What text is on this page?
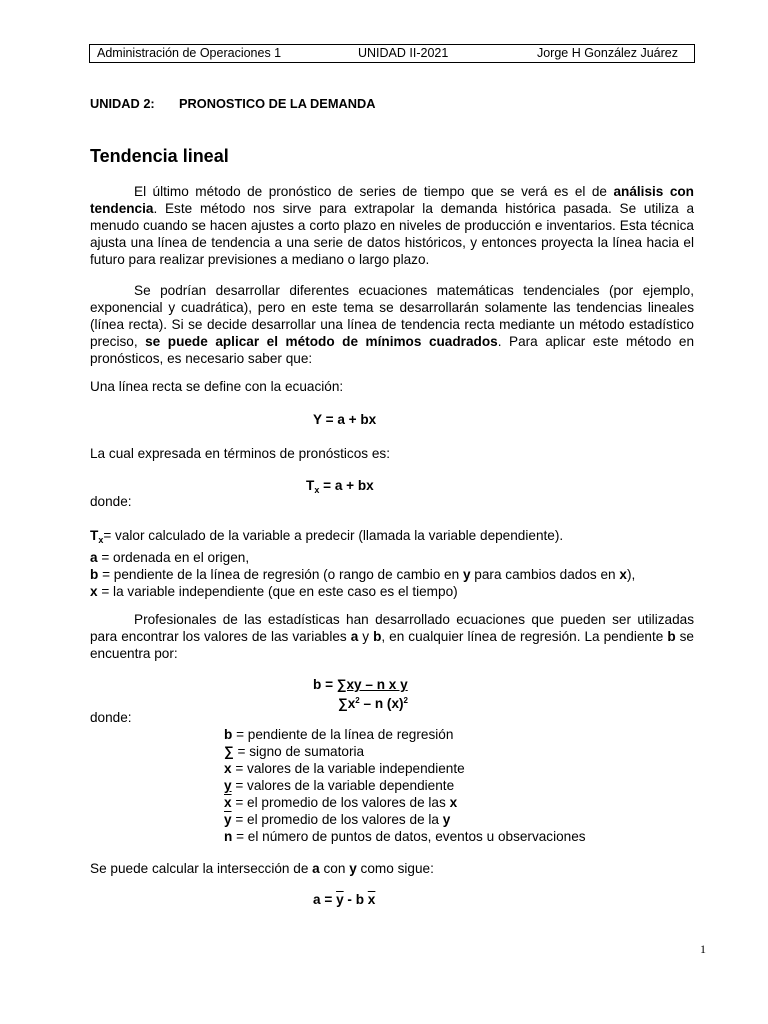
Administración de Operaciones 1	UNIDAD II-2021	Jorge H González Juárez
UNIDAD 2: PRONOSTICO DE LA DEMANDA
Tendencia lineal

El último método de pronóstico de series de tiempo que se verá es el de análisis con tendencia. Este método nos sirve para extrapolar la demanda histórica pasada. Se utiliza a menudo cuando se hacen ajustes a corto plazo en niveles de producción e inventarios. Esta técnica ajusta una línea de tendencia a una serie de datos históricos, y entonces proyecta la línea hacia el futuro para realizar previsiones a mediano o largo plazo.

Se podrían desarrollar diferentes ecuaciones matemáticas tendenciales (por ejemplo, exponencial y cuadrática), pero en este tema se desarrollarán solamente las tendencias lineales (línea recta). Si se decide desarrollar una línea de tendencia recta mediante un método estadístico preciso, se puede aplicar el método de mínimos cuadrados. Para aplicar este método en pronósticos, es necesario saber que:

Una línea recta se define con la ecuación:

Y = a + bx

La cual expresada en términos de pronósticos es:

$T_x = a$ + bx
donde:
$T_x=$ valor calculado de la variable a predecir (llamada la variable dependiente).
a = ordenada en el origen,
b = pendiente de la línea de regresión (o rango de cambio en y para cambios dados en x),
x = la variable independiente (que en este caso es el tiempo)

Profesionales de las estadísticas han desarrollado ecuaciones que pueden ser utilizadas para encontrar los valores de las variables a y b, en cualquier línea de regresión. La pendiente b se encuentra por:

b = ∑xy – n x y
$\sum x^2$ – n $(x)^2$
donde:
b = pendiente de la línea de regresión
∑ = signo de sumatoria
x = valores de la variable independiente
y = valores de la variable dependiente
$\overline{x}$ = el promedio de los valores de las x
$\overline{y}$ = el promedio de los valores de la y
n = el número de puntos de datos, eventos u observaciones

Se puede calcular la intersección de a con y como sigue:

$a = \overline{y} - b$ $\overline{x}$
1
